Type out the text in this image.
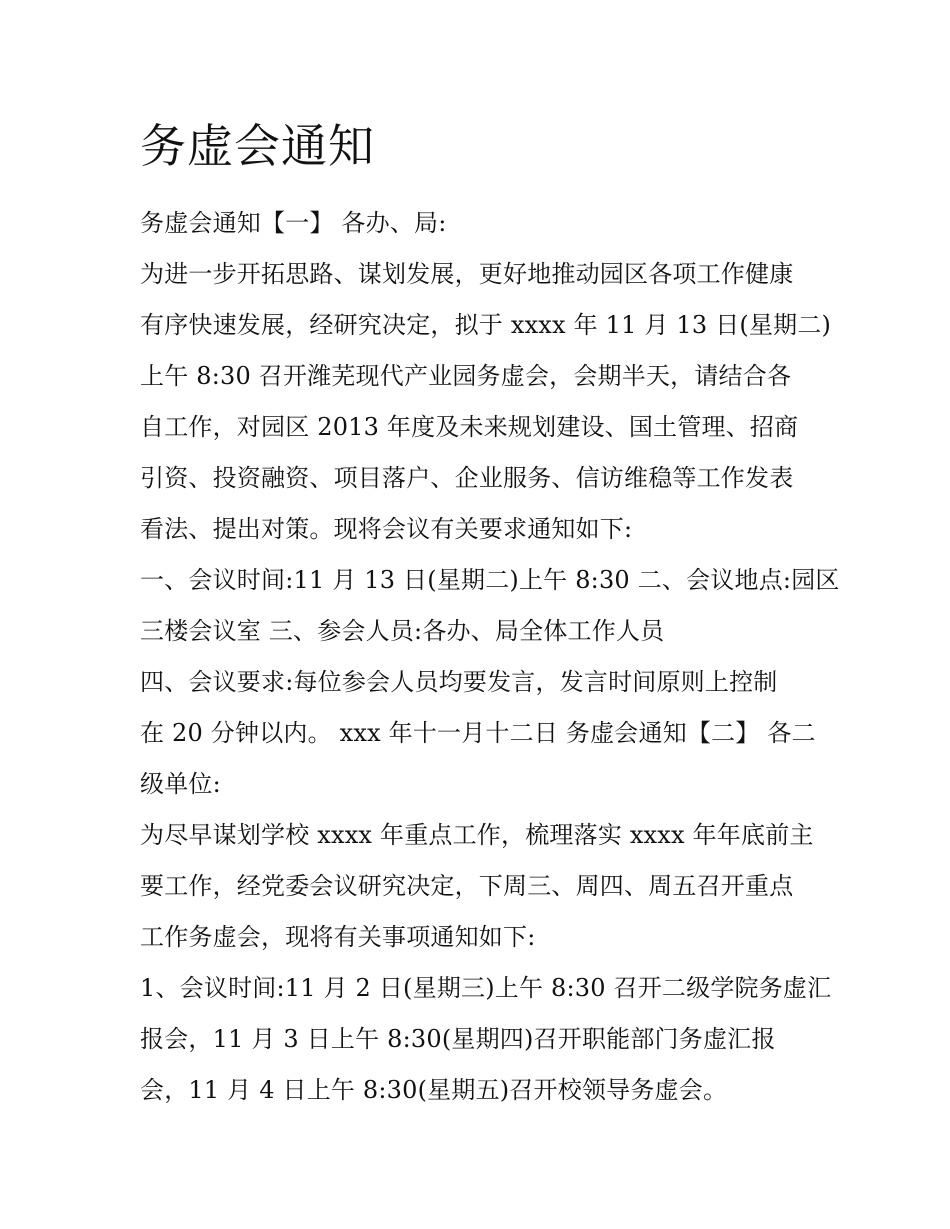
务虚会通知
务虚会通知【一】 各办、局:
为进一步开拓思路、谋划发展，更好地推动园区各项工作健康
有序快速发展，经研究决定，拟于 xxxx 年 11 月 13 日(星期二)
上午 8:30 召开潍芜现代产业园务虚会，会期半天，请结合各
自工作，对园区 2013 年度及未来规划建设、国土管理、招商
引资、投资融资、项目落户、企业服务、信访维稳等工作发表
看法、提出对策。现将会议有关要求通知如下:
一、会议时间:11 月 13 日(星期二)上午 8:30 二、会议地点:园区
三楼会议室 三、参会人员:各办、局全体工作人员
四、会议要求:每位参会人员均要发言，发言时间原则上控制
在 20 分钟以内。 xxx 年十一月十二日 务虚会通知【二】 各二
级单位:
为尽早谋划学校 xxxx 年重点工作，梳理落实 xxxx 年年底前主
要工作，经党委会议研究决定，下周三、周四、周五召开重点
工作务虚会，现将有关事项通知如下:
1、会议时间:11 月 2 日(星期三)上午 8:30 召开二级学院务虚汇
报会，11 月 3 日上午 8:30(星期四)召开职能部门务虚汇报
会，11 月 4 日上午 8:30(星期五)召开校领导务虚会。
